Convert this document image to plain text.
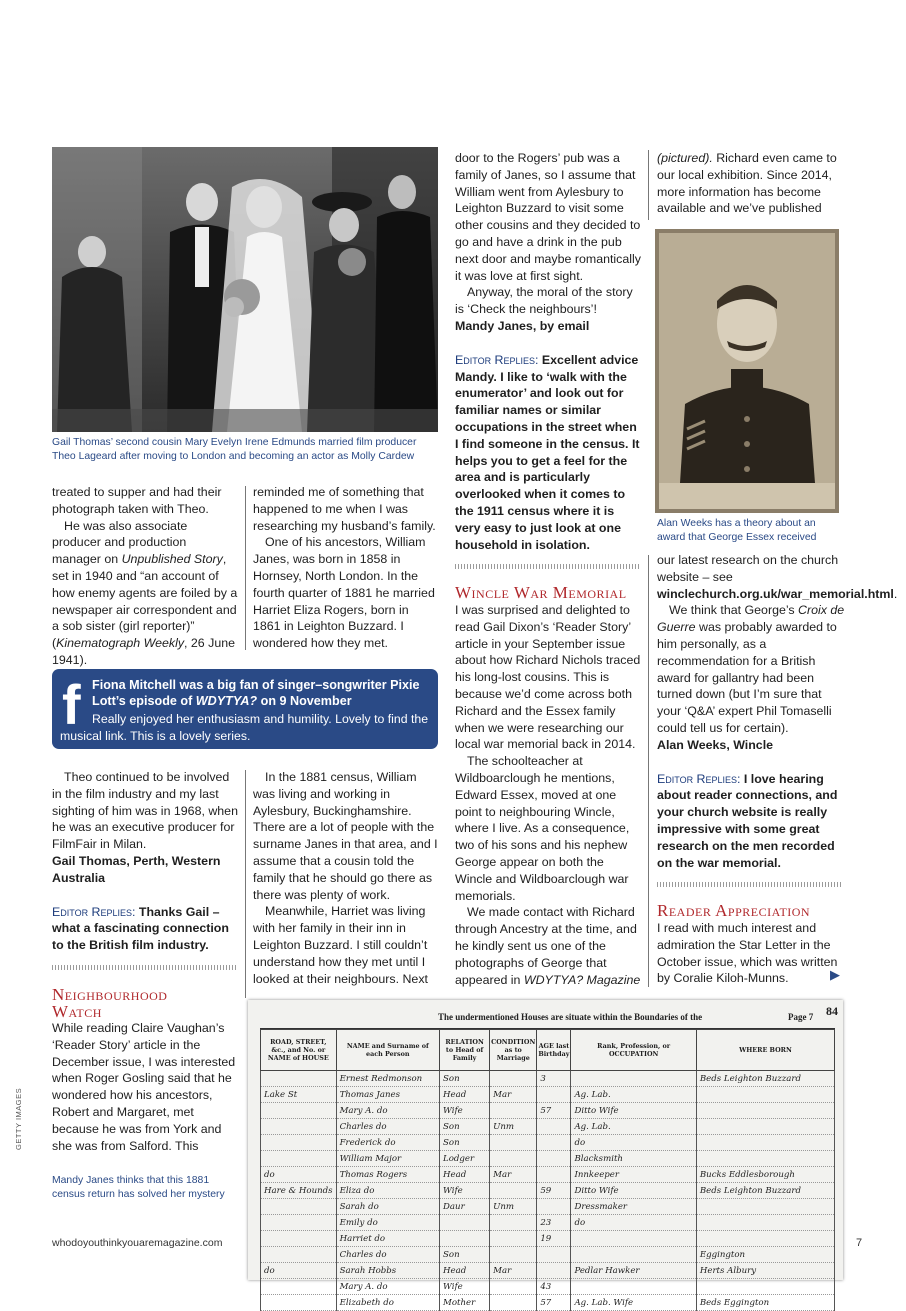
Gail Thomas’ second cousin Mary Evelyn Irene Edmunds married film producer Theo Lageard after moving to London and becoming an actor as Molly Cardew

treated to supper and had their photograph taken with Theo.

He was also associate producer and production manager on Unpublished Story, set in 1940 and “an account of how enemy agents are foiled by a newspaper air correspondent and a sob sister (girl reporter)” (Kinematograph Weekly, 26 June 1941).

reminded me of something that happened to me when I was researching my husband’s family.

One of his ancestors, William Janes, was born in 1858 in Hornsey, North London. In the fourth quarter of 1881 he married Harriet Eliza Rogers, born in 1861 in Leighton Buzzard. I wondered how they met.

f Fiona Mitchell was a big fan of singer–songwriter Pixie Lott’s episode of WDYTYA? on 9 November
Really enjoyed her enthusiasm and humility. Lovely to find the musical link. This is a lovely series.

Theo continued to be involved in the film industry and my last sighting of him was in 1968, when he was an executive producer for FilmFair in Milan.

Gail Thomas, Perth, Western Australia

Editor Replies: Thanks Gail – what a fascinating connection to the British film industry.

Neighbourhood
Watch

While reading Claire Vaughan’s ‘Reader Story’ article in the December issue, I was interested when Roger Gosling said that he wondered how his ancestors, Robert and Margaret, met because he was from York and she was from Salford. This

Mandy Janes thinks that this 1881 census return has solved her mystery

In the 1881 census, William was living and working in Aylesbury, Buckinghamshire. There are a lot of people with the surname Janes in that area, and I assume that a cousin told the family that he should go there as there was plenty of work.

Meanwhile, Harriet was living with her family in their inn in Leighton Buzzard. I still couldn’t understand how they met until I looked at their neighbours. Next

door to the Rogers’ pub was a family of Janes, so I assume that William went from Aylesbury to Leighton Buzzard to visit some other cousins and they decided to go and have a drink in the pub next door and maybe romantically it was love at first sight.

Anyway, the moral of the story is ‘Check the neighbours’!

Mandy Janes, by email

Editor Replies: Excellent advice Mandy. I like to ‘walk with the enumerator’ and look out for familiar names or similar occupations in the street when I find someone in the census. It helps you to get a feel for the area and is particularly overlooked when it comes to the 1911 census where it is very easy to just look at one household in isolation.

Wincle War Memorial

I was surprised and delighted to read Gail Dixon’s ‘Reader Story’ article in your September issue about how Richard Nichols traced his long-lost cousins. This is because we’d come across both Richard and the Essex family when we were researching our local war memorial back in 2014.

The schoolteacher at Wildboarclough he mentions, Edward Essex, moved at one point to neighbouring Wincle, where I live. As a consequence, two of his sons and his nephew George appear on both the Wincle and Wildboarclough war memorials.

We made contact with Richard through Ancestry at the time, and he kindly sent us one of the photographs of George that appeared in WDYTYA? Magazine

(pictured). Richard even came to our local exhibition. Since 2014, more information has become available and we’ve published

Alan Weeks has a theory about an award that George Essex received

our latest research on the church website – see winclechurch.org.uk/war_memorial.html.

We think that George’s Croix de Guerre was probably awarded to him personally, as a recommendation for a British award for gallantry had been turned down (but I’m sure that your ‘Q&A’ expert Phil Tomaselli could tell us for certain).

Alan Weeks, Wincle

Editor Replies: I love hearing about reader connections, and your church website is really impressive with some great research on the men recorded on the war memorial.

Reader Appreciation

I read with much interest and admiration the Star Letter in the October issue, which was written by Coralie Kiloh-Munns.	▶
The undermentioned Houses are situate within the Boundaries of the	Page 7 84
ROAD, STREET, &c., and No. or NAME of HOUSE	NAME and Surname of each Person	RELATION to Head of Family	CONDITION as to Marriage	AGE last Birthday	Rank, Profession, or OCCUPATION	WHERE BORN
	Ernest Redmonson	Son		3		Beds Leighton Buzzard
Lake St	Thomas Janes	Head	Mar		Ag. Lab.	
	Mary A. do	Wife		57	Ditto Wife	
	Charles do	Son	Unm		Ag. Lab.	
	Frederick do	Son			do	
	William Major	Lodger			Blacksmith	
do	Thomas Rogers	Head	Mar		Innkeeper	Bucks Eddlesborough
Hare & Hounds	Eliza do	Wife		59	Ditto Wife	Beds Leighton Buzzard
	Sarah do	Daur	Unm		Dressmaker	
	Emily do			23	do	
	Harriet do			19		
	Charles do	Son				Eggington
do	Sarah Hobbs	Head	Mar		Pedlar Hawker	Herts Albury
	Mary A. do	Wife		43		
	Elizabeth do	Mother		57	Ag. Lab. Wife	Beds Eggington
GETTY IMAGES
whodoyouthinkyouaremagazine.com	7
